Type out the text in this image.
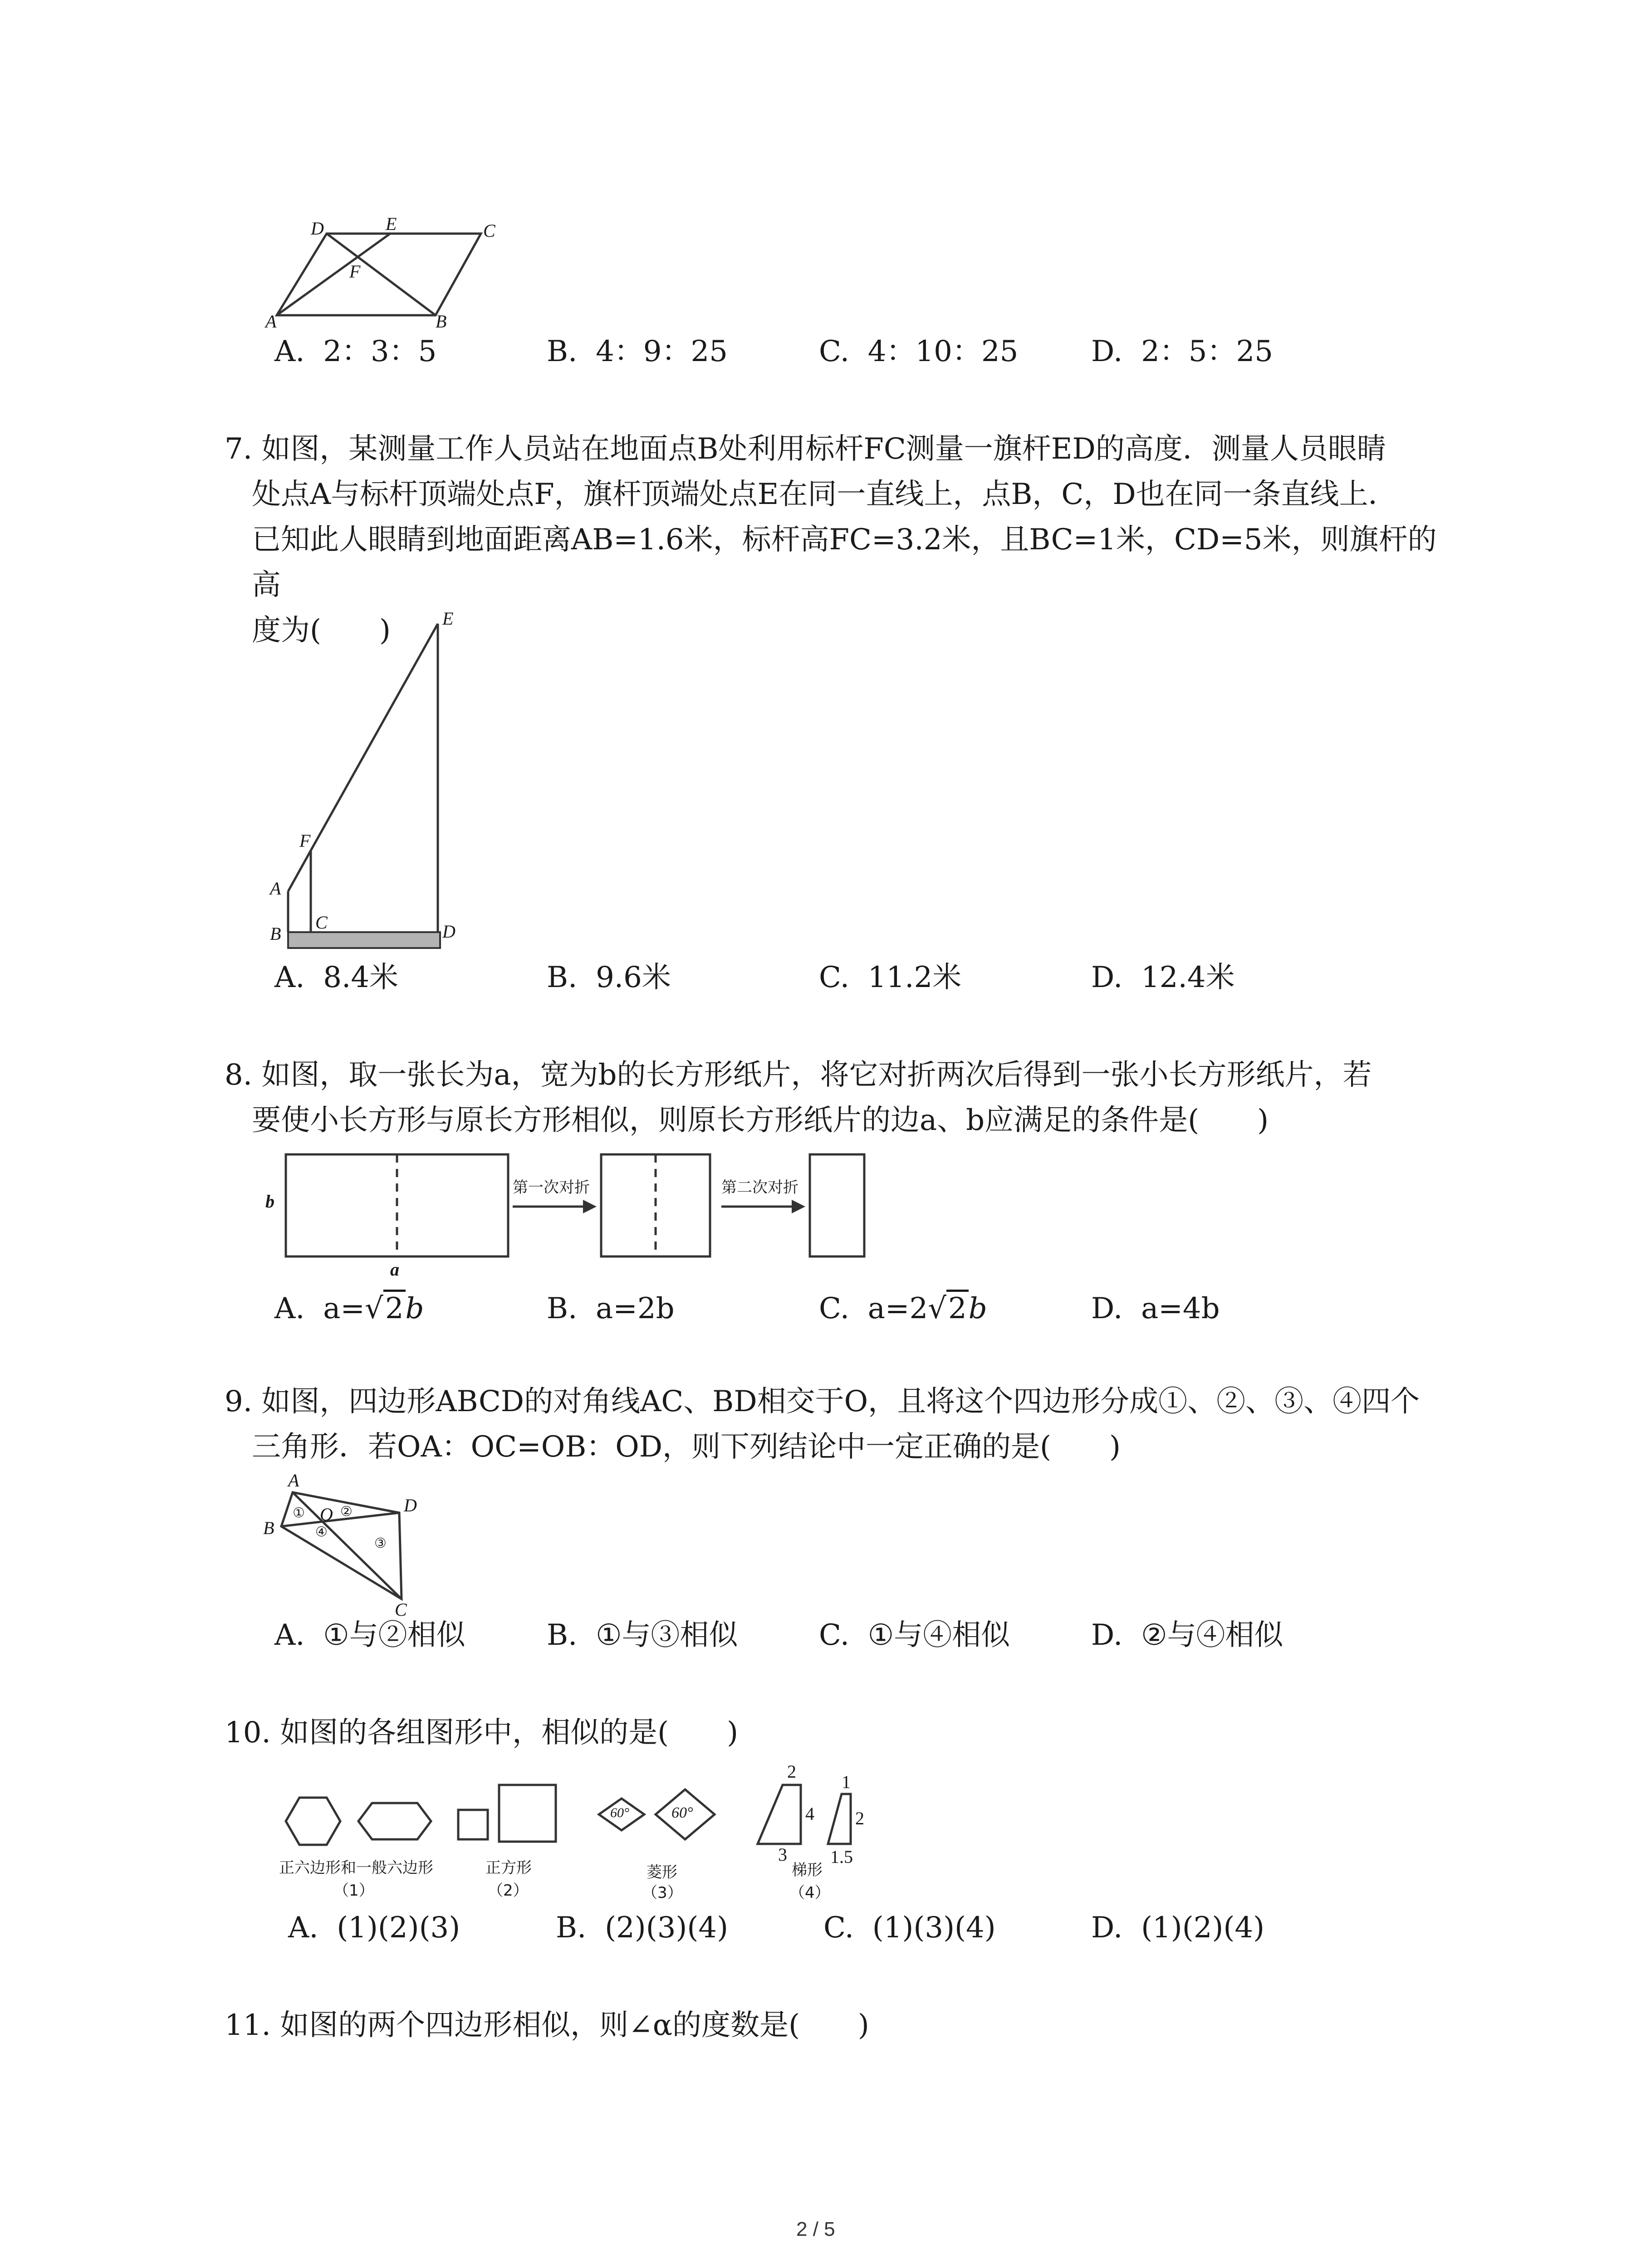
D	E	C
F
A	B
A.  2：3：5	B.  4：9：25	C.  4：10：25	D.  2：5：25
7. 如图，某测量工作人员站在地面点B处利用标杆FC测量一旗杆ED的高度．测量人员眼睛
处点A与标杆顶端处点F，旗杆顶端处点E在同一直线上，点B，C，D也在同一条直线上．
已知此人眼睛到地面距离AB=1.6米，标杆高FC=3.2米，且BC=1米，CD=5米，则旗杆的高
度为(　　)	E
F
A
C
B	D
A.  8.4米	B.  9.6米	C.  11.2米	D.  12.4米
8. 如图，取一张长为a，宽为b的长方形纸片，将它对折两次后得到一张小长方形纸片，若
要使小长方形与原长方形相似，则原长方形纸片的边a、b应满足的条件是(　　)
b
a
第一次对折	第二次对折
A.  a=√2b	B.  a=2b	C.  a=2√2b	D.  a=4b
9. 如图，四边形ABCD的对角线AC、BD相交于O，且将这个四边形分成①、②、③、④四个
三角形．若OA：OC=OB：OD，则下列结论中一定正确的是(　　)
A
B
C
D
O
①	②
③
④
A.  ①与②相似	B.  ①与③相似	C.  ①与④相似	D.  ②与④相似
10. 如图的各组图形中，相似的是(　　)
60°	60°
2
4
3
1
2
1.5
正六边形和一般六边形
（1）
正方形
（2）
菱形
（3）
梯形
（4）
A.  (1)(2)(3)	B.  (2)(3)(4)	C.  (1)(3)(4)	D.  (1)(2)(4)
11. 如图的两个四边形相似，则∠α的度数是(　　)
2 / 5
